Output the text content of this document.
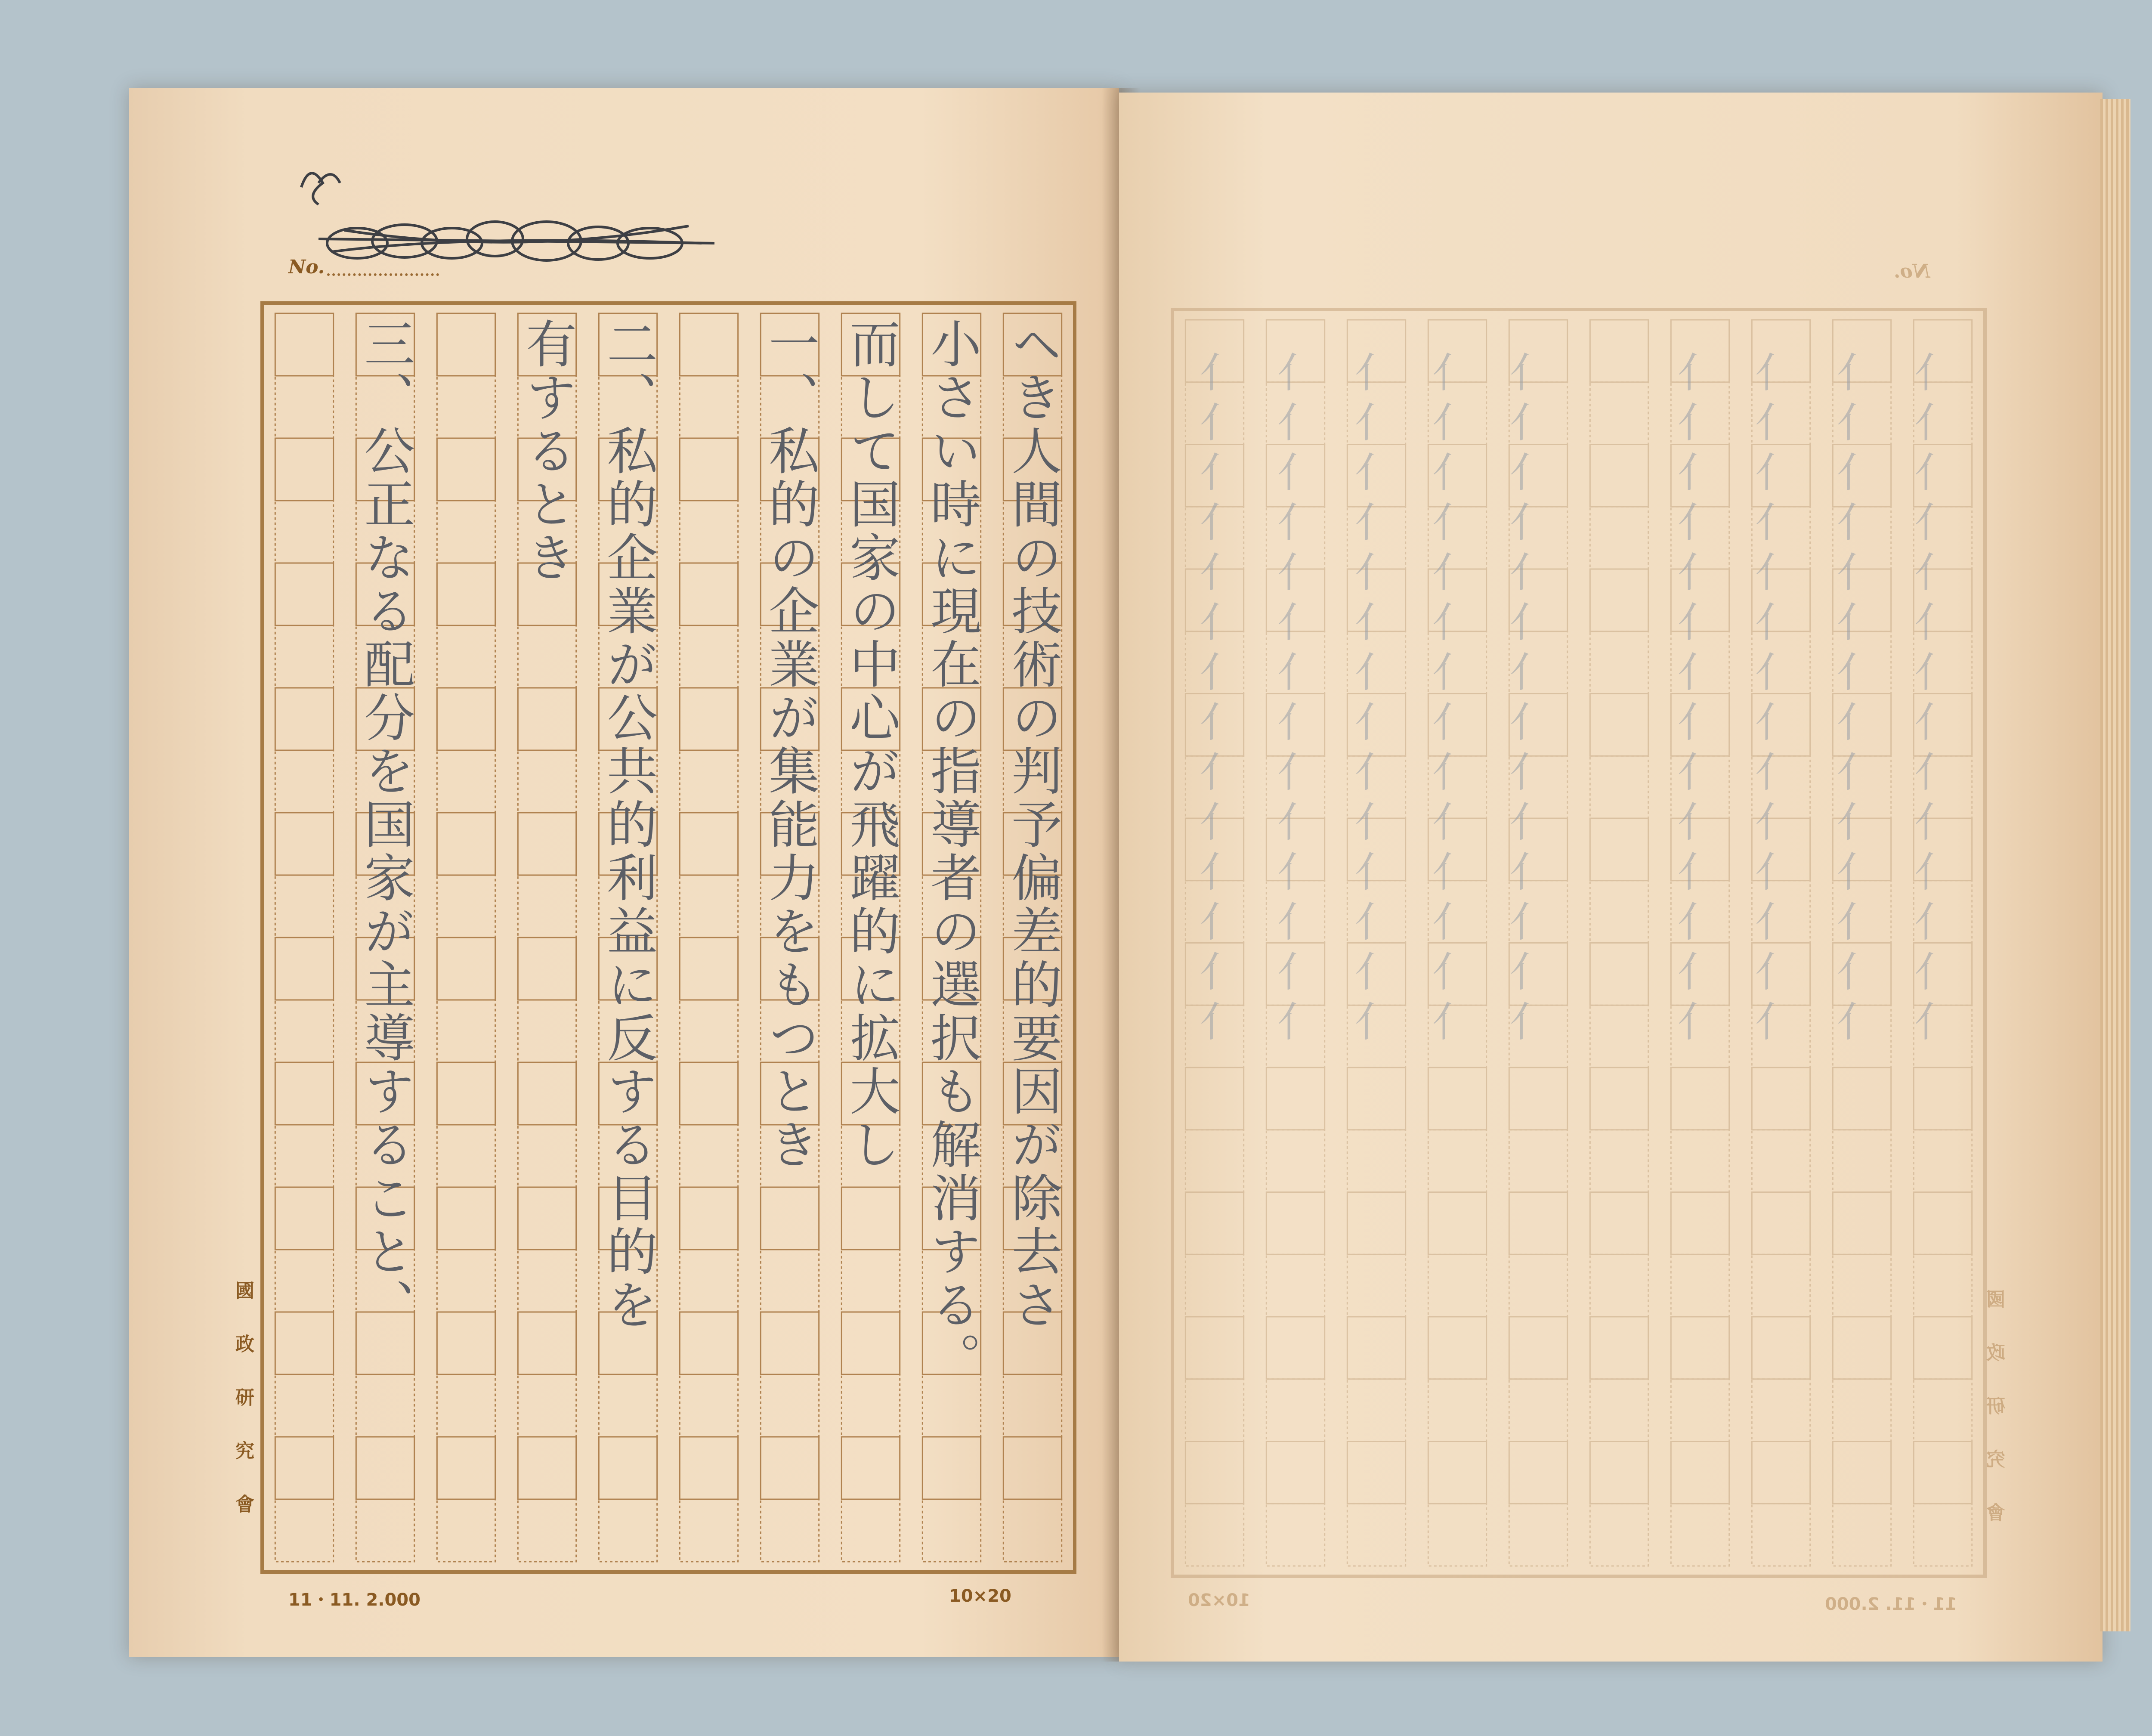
No.
ヘき人間の技術の判予偏差的要因が除去さ
小さい時に現在の指導者の選択も解消する。
而して国家の中心が飛躍的に拡大し
一、私的の企業が集能力をもつとき
二、私的企業が公共的利益に反する目的を
有するとき
三、公正なる配分を国家が主導すること、
國政研究會
11・11. 2.000	10×20
No.
⺅⺅⺅⺅⺅⺅⺅⺅⺅⺅⺅⺅⺅⺅
⺅⺅⺅⺅⺅⺅⺅⺅⺅⺅⺅⺅⺅⺅
⺅⺅⺅⺅⺅⺅⺅⺅⺅⺅⺅⺅⺅⺅
⺅⺅⺅⺅⺅⺅⺅⺅⺅⺅⺅⺅⺅⺅
⺅⺅⺅⺅⺅⺅⺅⺅⺅⺅⺅⺅⺅⺅
⺅⺅⺅⺅⺅⺅⺅⺅⺅⺅⺅⺅⺅⺅
⺅⺅⺅⺅⺅⺅⺅⺅⺅⺅⺅⺅⺅⺅
⺅⺅⺅⺅⺅⺅⺅⺅⺅⺅⺅⺅⺅⺅
⺅⺅⺅⺅⺅⺅⺅⺅⺅⺅⺅⺅⺅⺅
國政研究會
11・11. 2.000
10×20
